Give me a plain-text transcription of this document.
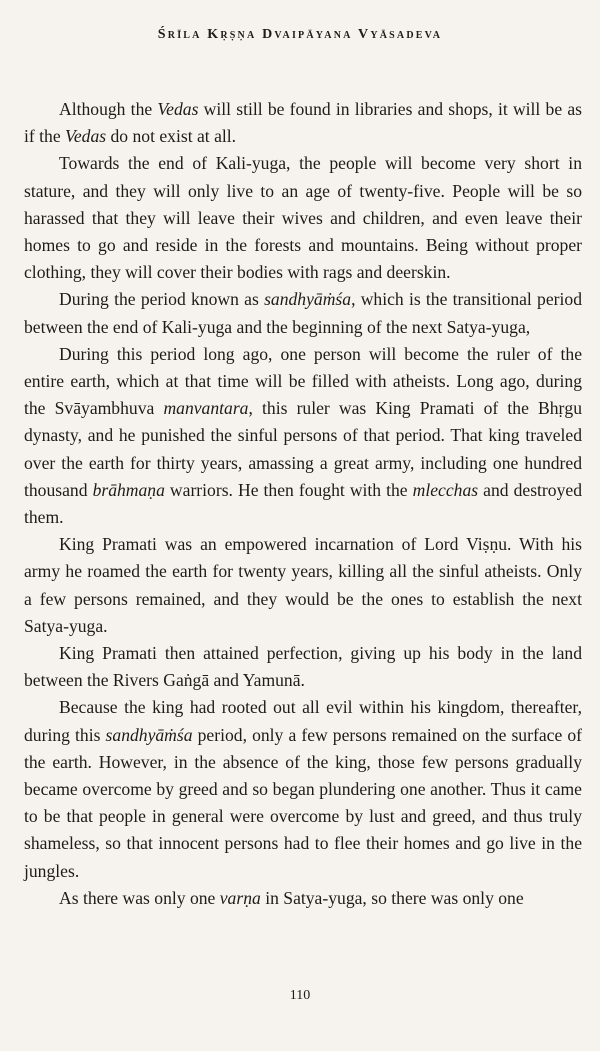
Śrīla Kṛṣṇa Dvaipāyana Vyāsadeva

Although the Vedas will still be found in libraries and shops, it will be as if the Vedas do not exist at all.

Towards the end of Kali-yuga, the people will become very short in stature, and they will only live to an age of twenty-five. People will be so harassed that they will leave their wives and children, and even leave their homes to go and reside in the forests and mountains. Being without proper clothing, they will cover their bodies with rags and deerskin.

During the period known as sandhyāṁśa, which is the transitional period between the end of Kali-yuga and the beginning of the next Satya-yuga,

During this period long ago, one person will become the ruler of the entire earth, which at that time will be filled with atheists. Long ago, during the Svāyambhuva manvantara, this ruler was King Pramati of the Bhṛgu dynasty, and he punished the sinful persons of that period. That king traveled over the earth for thirty years, amassing a great army, including one hundred thousand brāhmaṇa warriors. He then fought with the mlecchas and destroyed them.

King Pramati was an empowered incarnation of Lord Viṣṇu. With his army he roamed the earth for twenty years, killing all the sinful atheists. Only a few persons remained, and they would be the ones to establish the next Satya-yuga.

King Pramati then attained perfection, giving up his body in the land between the Rivers Gaṅgā and Yamunā.

Because the king had rooted out all evil within his kingdom, thereafter, during this sandhyāṁśa period, only a few persons remained on the surface of the earth. However, in the absence of the king, those few persons gradually became overcome by greed and so began plundering one another. Thus it came to be that people in general were overcome by lust and greed, and thus truly shameless, so that innocent persons had to flee their homes and go live in the jungles.

As there was only one varṇa in Satya-yuga, so there was only one

110
